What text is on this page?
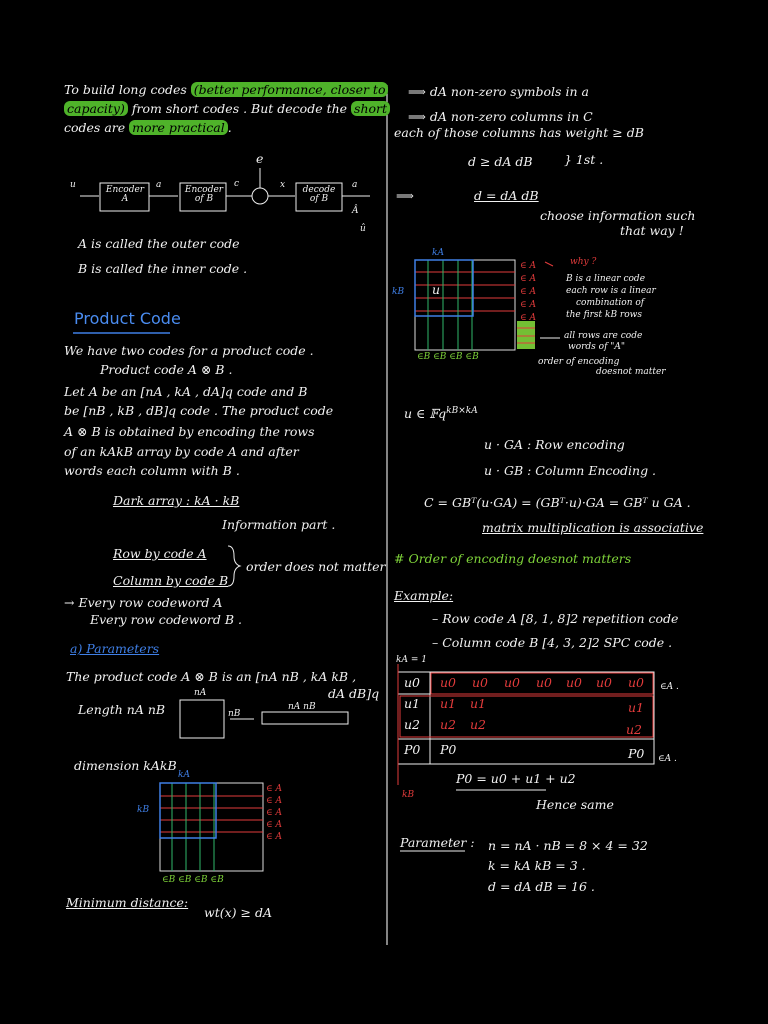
To build long codes (better performance, closer to
capacity) from short codes . But decode the short
codes are more practical .
u	Encoder A
a	Encoder of B
c
e
x	decode of B
a
Â
û
A is called the outer code
B is called the inner code .
Product Code
We have two codes for a product code .
Product code A ⊗ B .
Let A be an [nA , kA , dA]q code and B
be [nB , kB , dB]q code . The product code
A ⊗ B is obtained by encoding the rows
of an kAkB array by code A and after
words each column with B .
Dark array : kA · kB
Information part .
Row by code A
Column by code B
order does not matter
→ Every row codeword A
Every row codeword B .
a) Parameters
The product code A ⊗ B is an [nA nB , kA kB ,
dA dB]q
Length nA nB
nA
nB
nA nB
dimension kAkB
kA
kB
∈ A
∈ A
∈ A
∈ A
∈ A
∈B ∈B ∈B ∈B
Minimum distance:
wt(x) ≥ dA
⟹ dA non-zero symbols in a
⟹ dA non-zero columns in C
each of those columns has weight ≥ dB
d ≥ dA dB	} 1st .
⟹	d = dA dB
choose information such
that way !
kA
kB u
∈ A
∈ A
∈ A
∈ A
∈ A
∈B ∈B ∈B ∈B
why ?
B is a linear code
each row is a linear
combination of
the first kB rows
all rows are code
words of "A"
order of encoding
doesnot matter
u ∈ 𝔽q$^{kB\times kA}$
u · GA : Row encoding
u · GB : Column Encoding .
C = GBᵀ(u·GA) = (GBᵀ·u)·GA = GBᵀ u GA .
matrix multiplication is associative
# Order of encoding doesnot matters
Example:
– Row code A [8, 1, 8]2 repetition code
– Column code B [4, 3, 2]2 SPC code .
kA = 1
u0 u0 u0 u0 u0 u0 u0 u0
u1 u1 u1	u1
u2 u2 u2	u2
P0 P0	P0
∈A .
∈A .
kB
P0 = u0 + u1 + u2
Hence same
Parameter : n = nA · nB = 8 × 4 = 32
k = kA kB = 3 .
d = dA dB = 16 .
